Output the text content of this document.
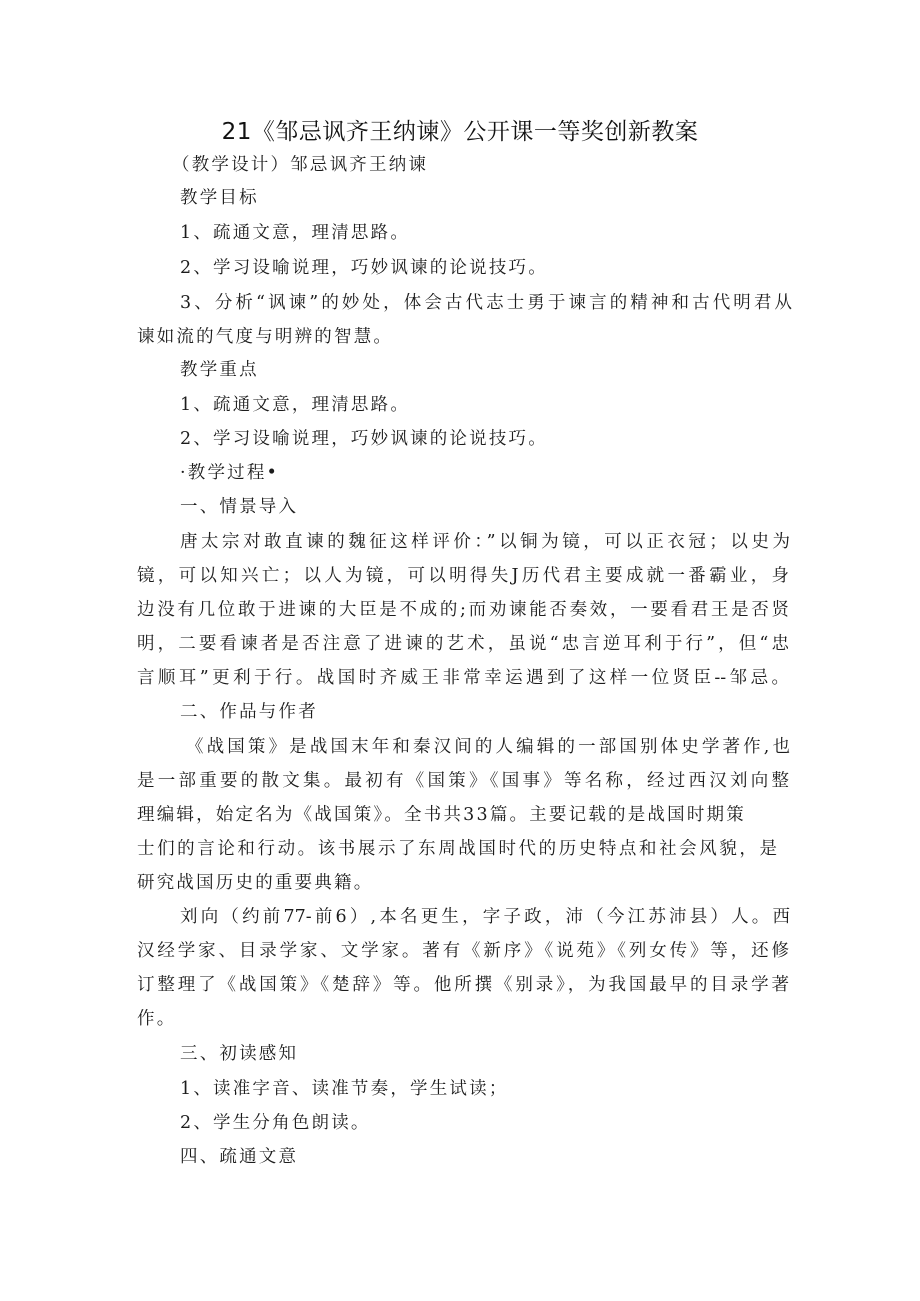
21《邹忌讽齐王纳谏》公开课一等奖创新教案
（教学设计）邹忌讽齐王纳谏
教学目标
1、疏通文意，理清思路。
2、学习设喻说理，巧妙讽谏的论说技巧。
3、分析“讽谏”的妙处，体会古代志士勇于谏言的精神和古代明君从
谏如流的气度与明辨的智慧。
教学重点
1、疏通文意，理清思路。
2、学习设喻说理，巧妙讽谏的论说技巧。
·教学过程•
一、情景导入
唐太宗对敢直谏的魏征这样评价：”以铜为镜，可以正衣冠；以史为
镜，可以知兴亡；以人为镜，可以明得失J历代君主要成就一番霸业，身
边没有几位敢于进谏的大臣是不成的;而劝谏能否奏效，一要看君王是否贤
明，二要看谏者是否注意了进谏的艺术，虽说“忠言逆耳利于行”，但“忠
言顺耳”更利于行。战国时齐威王非常幸运遇到了这样一位贤臣--邹忌。
二、作品与作者
《战国策》是战国末年和秦汉间的人编辑的一部国别体史学著作,也
是一部重要的散文集。最初有《国策》《国事》等名称，经过西汉刘向整
理编辑，始定名为《战国策》。全书共33篇。主要记载的是战国时期策
士们的言论和行动。该书展示了东周战国时代的历史特点和社会风貌，是
研究战国历史的重要典籍。
刘向（约前77-前6）,本名更生，字子政，沛（今江苏沛县）人。西
汉经学家、目录学家、文学家。著有《新序》《说苑》《列女传》等，还修
订整理了《战国策》《楚辞》等。他所撰《别录》，为我国最早的目录学著
作。
三、初读感知
1、读准字音、读准节奏，学生试读；
2、学生分角色朗读。
四、疏通文意
